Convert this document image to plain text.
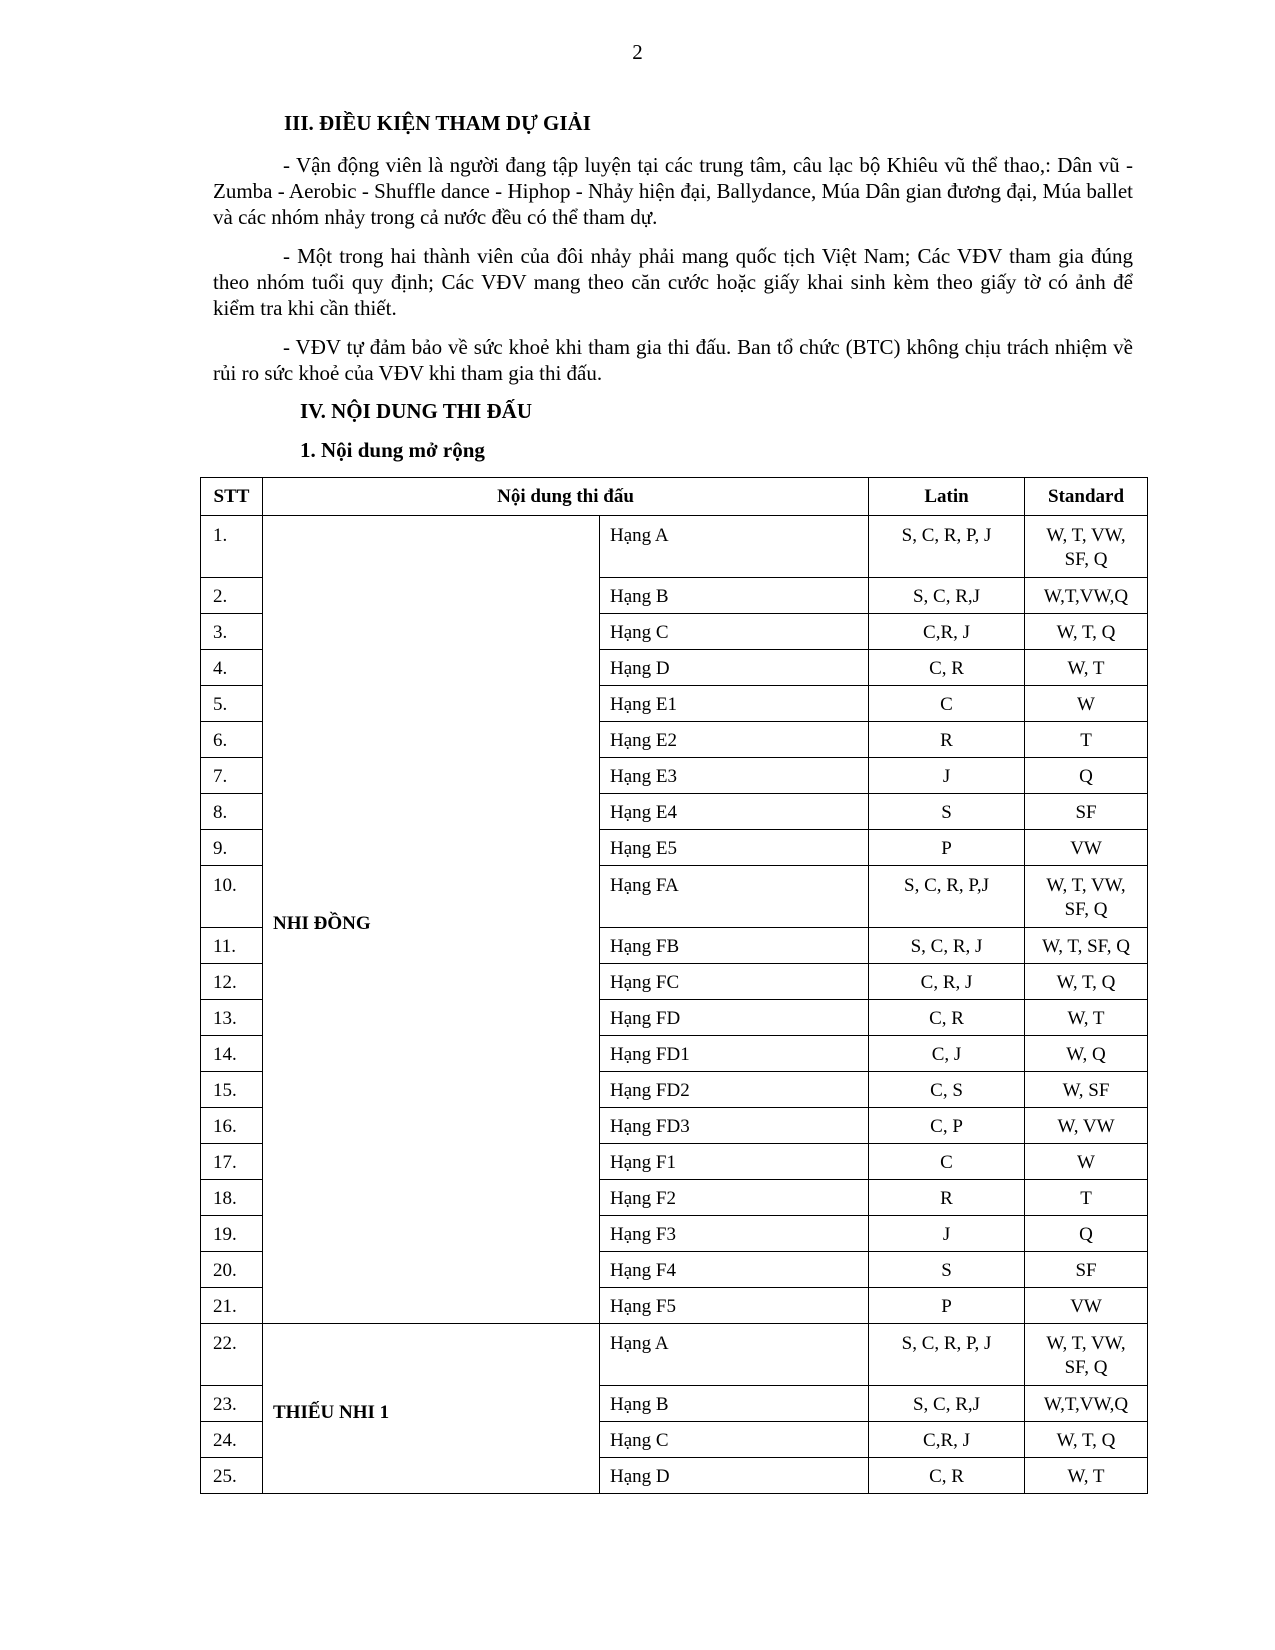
2
III. ĐIỀU KIỆN THAM DỰ GIẢI

- Vận động viên là người đang tập luyện tại các trung tâm, câu lạc bộ Khiêu vũ thể thao,: Dân vũ - Zumba - Aerobic - Shuffle dance - Hiphop - Nhảy hiện đại, Ballydance, Múa Dân gian đương đại, Múa ballet và các nhóm nhảy trong cả nước đều có thể tham dự.

- Một trong hai thành viên của đôi nhảy phải mang quốc tịch Việt Nam; Các VĐV tham gia đúng theo nhóm tuổi quy định; Các VĐV mang theo căn cước hoặc giấy khai sinh kèm theo giấy tờ có ảnh để kiểm tra khi cần thiết.

- VĐV tự đảm bảo về sức khoẻ khi tham gia thi đấu. Ban tổ chức (BTC) không chịu trách nhiệm về rủi ro sức khoẻ của VĐV khi tham gia thi đấu.

IV. NỘI DUNG THI ĐẤU
1. Nội dung mở rộng
STT	Nội dung thi đấu		Latin	Standard
1.	NHI ĐỒNG	Hạng A	S, C, R, P, J	W, T, VW, SF, Q
2.		Hạng B	S, C, R,J	W,T,VW,Q
3.		Hạng C	C,R, J	W, T, Q
4.		Hạng D	C, R	W, T
5.		Hạng E1	C	W
6.		Hạng E2	R	T
7.		Hạng E3	J	Q
8.		Hạng E4	S	SF
9.		Hạng E5	P	VW
10.		Hạng FA	S, C, R, P,J	W, T, VW, SF, Q
11.		Hạng FB	S, C, R, J	W, T, SF, Q
12.		Hạng FC	C, R, J	W, T, Q
13.		Hạng FD	C, R	W, T
14.		Hạng FD1	C, J	W, Q
15.		Hạng FD2	C, S	W, SF
16.		Hạng FD3	C, P	W, VW
17.		Hạng F1	C	W
18.		Hạng F2	R	T
19.		Hạng F3	J	Q
20.		Hạng F4	S	SF
21.		Hạng F5	P	VW
22.	THIẾU NHI 1	Hạng A	S, C, R, P, J	W, T, VW, SF, Q
23.		Hạng B	S, C, R,J	W,T,VW,Q
24.		Hạng C	C,R, J	W, T, Q
25.		Hạng D	C, R	W, T
